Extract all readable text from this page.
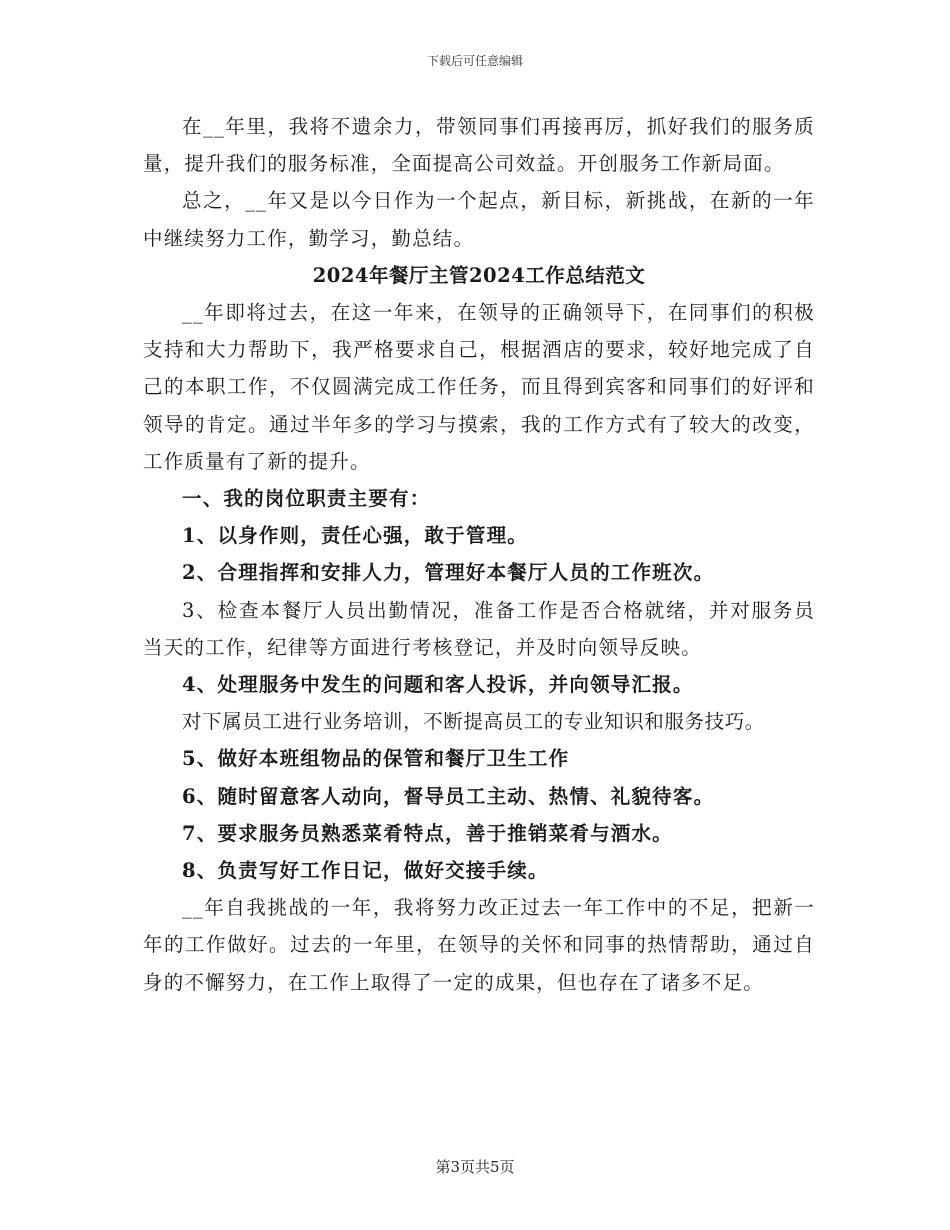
下载后可任意编辑

在__年里，我将不遗余力，带领同事们再接再厉，抓好我们的服务质量，提升我们的服务标准，全面提高公司效益。开创服务工作新局面。

总之，__年又是以今日作为一个起点，新目标，新挑战，在新的一年中继续努力工作，勤学习，勤总结。

2024年餐厅主管2024工作总结范文

__年即将过去，在这一年来，在领导的正确领导下，在同事们的积极支持和大力帮助下，我严格要求自己，根据酒店的要求，较好地完成了自己的本职工作，不仅圆满完成工作任务，而且得到宾客和同事们的好评和领导的肯定。通过半年多的学习与摸索，我的工作方式有了较大的改变，工作质量有了新的提升。

一、我的岗位职责主要有：

1、以身作则，责任心强，敢于管理。

2、合理指挥和安排人力，管理好本餐厅人员的工作班次。

3、检查本餐厅人员出勤情况，准备工作是否合格就绪，并对服务员当天的工作，纪律等方面进行考核登记，并及时向领导反映。

4、处理服务中发生的问题和客人投诉，并向领导汇报。

对下属员工进行业务培训，不断提高员工的专业知识和服务技巧。

5、做好本班组物品的保管和餐厅卫生工作

6、随时留意客人动向，督导员工主动、热情、礼貌待客。

7、要求服务员熟悉菜肴特点，善于推销菜肴与酒水。

8、负责写好工作日记，做好交接手续。

__年自我挑战的一年，我将努力改正过去一年工作中的不足，把新一年的工作做好。过去的一年里，在领导的关怀和同事的热情帮助，通过自身的不懈努力，在工作上取得了一定的成果，但也存在了诸多不足。

第3页共5页
